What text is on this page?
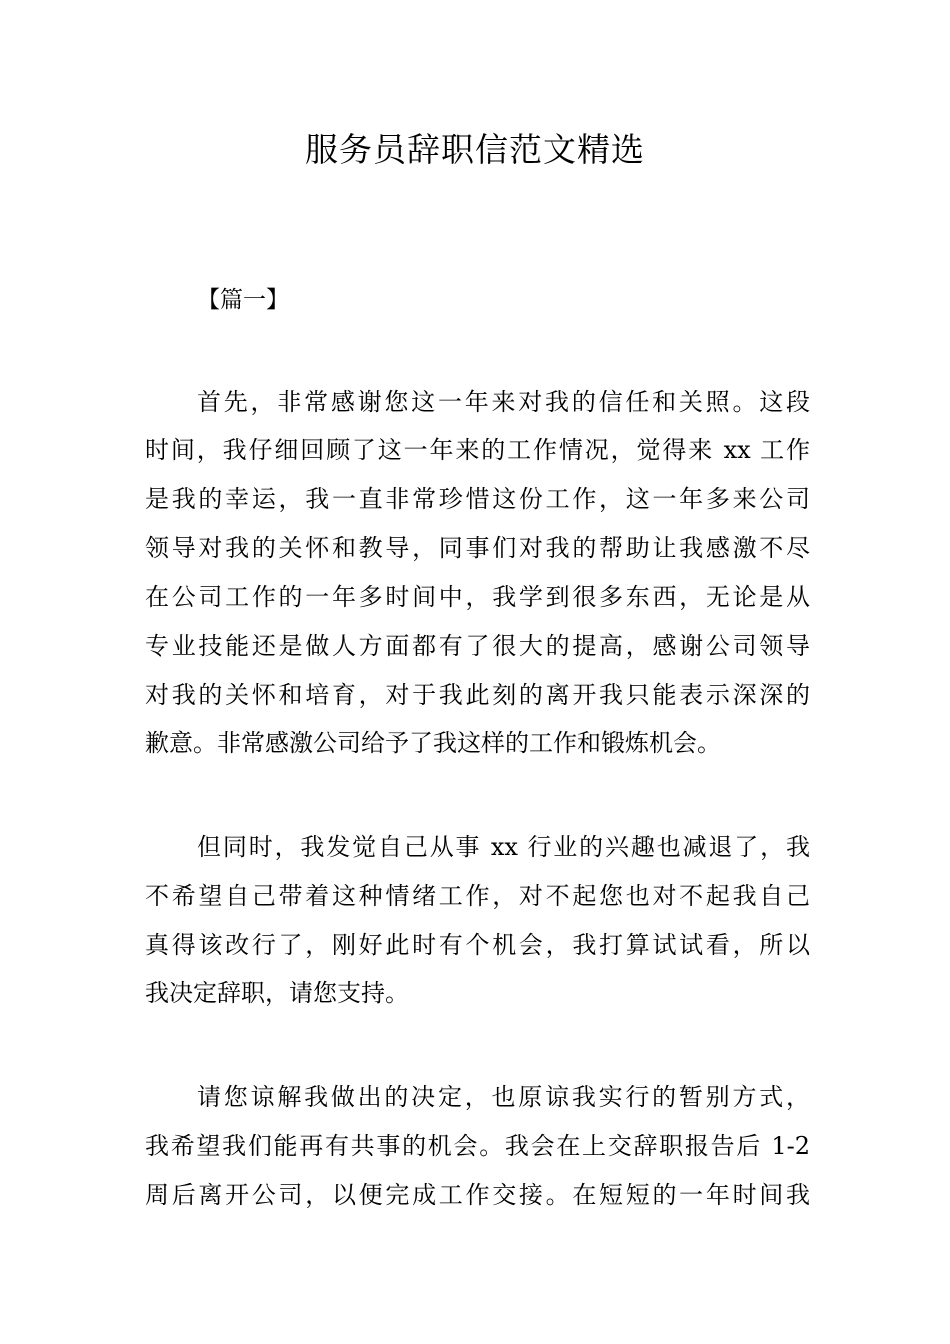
服务员辞职信范文精选

【篇一】

首先，非常感谢您这一年来对我的信任和关照。这段

时间，我仔细回顾了这一年来的工作情况，觉得来 xx 工作

是我的幸运，我一直非常珍惜这份工作，这一年多来公司

领导对我的关怀和教导，同事们对我的帮助让我感激不尽

在公司工作的一年多时间中，我学到很多东西，无论是从

专业技能还是做人方面都有了很大的提高，感谢公司领导

对我的关怀和培育，对于我此刻的离开我只能表示深深的

歉意。非常感激公司给予了我这样的工作和锻炼机会。

但同时，我发觉自己从事 xx 行业的兴趣也减退了，我

不希望自己带着这种情绪工作，对不起您也对不起我自己

真得该改行了，刚好此时有个机会，我打算试试看，所以

我决定辞职，请您支持。

请您谅解我做出的决定，也原谅我实行的暂别方式，

我希望我们能再有共事的机会。我会在上交辞职报告后 1-2

周后离开公司，以便完成工作交接。在短短的一年时间我
